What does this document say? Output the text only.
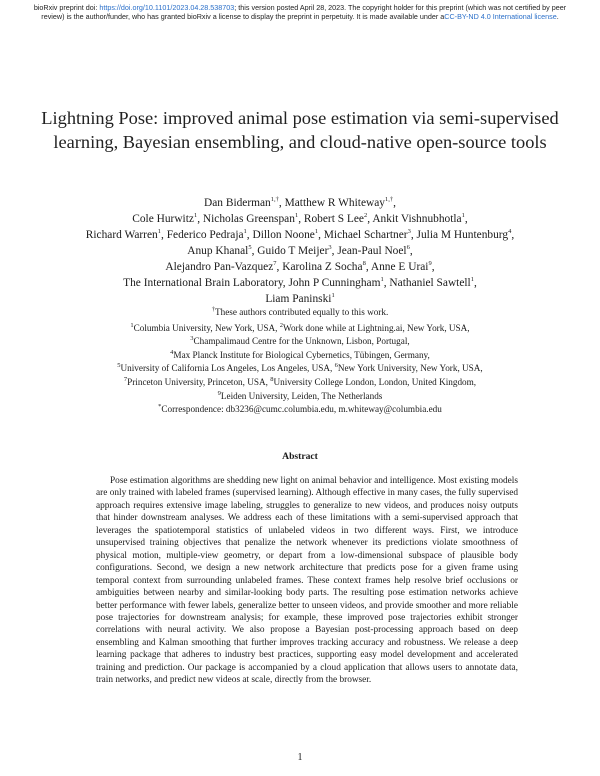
bioRxiv preprint doi: https://doi.org/10.1101/2023.04.28.538703; this version posted April 28, 2023. The copyright holder for this preprint (which was not certified by peer review) is the author/funder, who has granted bioRxiv a license to display the preprint in perpetuity. It is made available under aCC-BY-ND 4.0 International license.
Lightning Pose: improved animal pose estimation via semi-supervised learning, Bayesian ensembling, and cloud-native open-source tools
Dan Biderman$^{1,\dagger}$, Matthew R Whiteway$^{1,\dagger}$,
Cole Hurwitz$^1$, Nicholas Greenspan$^1$, Robert S Lee$^2$, Ankit Vishnubhotla$^1$,
Richard Warren$^1$, Federico Pedraja$^1$, Dillon Noone$^1$, Michael Schartner$^3$, Julia M Huntenburg$^4$,
Anup Khanal$^5$, Guido T Meijer$^3$, Jean-Paul Noel$^6$,
Alejandro Pan-Vazquez$^7$, Karolina Z Socha$^8$, Anne E Urai$^9$,
The International Brain Laboratory, John P Cunningham$^1$, Nathaniel Sawtell$^1$,
Liam Paninski$^1$
†These authors contributed equally to this work.
$^1$Columbia University, New York, USA, $^2$Work done while at Lightning.ai, New York, USA,
$^3$Champalimaud Centre for the Unknown, Lisbon, Portugal,
$^4$Max Planck Institute for Biological Cybernetics, Tübingen, Germany,
$^5$University of California Los Angeles, Los Angeles, USA, $^6$New York University, New York, USA,
$^7$Princeton University, Princeton, USA, $^8$University College London, London, United Kingdom,
$^9$Leiden University, Leiden, The Netherlands
*Correspondence: db3236@cumc.columbia.edu, m.whiteway@columbia.edu
Abstract
Pose estimation algorithms are shedding new light on animal behavior and intelligence. Most existing models are only trained with labeled frames (supervised learning). Although effective in many cases, the fully supervised approach requires extensive image labeling, struggles to generalize to new videos, and produces noisy outputs that hinder downstream analyses. We address each of these limitations with a semi-supervised approach that leverages the spatiotemporal statistics of unlabeled videos in two different ways. First, we introduce unsupervised training objectives that penalize the network whenever its predictions violate smoothness of physical motion, multiple-view geometry, or depart from a low-dimensional subspace of plausible body configurations. Second, we design a new network architecture that predicts pose for a given frame using temporal context from surrounding unlabeled frames. These context frames help resolve brief occlusions or ambiguities between nearby and similar-looking body parts. The resulting pose estimation networks achieve better performance with fewer labels, generalize better to unseen videos, and provide smoother and more reliable pose trajectories for downstream analysis; for example, these improved pose trajectories exhibit stronger correlations with neural activity. We also propose a Bayesian post-processing approach based on deep ensembling and Kalman smoothing that further improves tracking accuracy and robustness. We release a deep learning package that adheres to industry best practices, supporting easy model development and accelerated training and prediction. Our package is accompanied by a cloud application that allows users to annotate data, train networks, and predict new videos at scale, directly from the browser.
1
